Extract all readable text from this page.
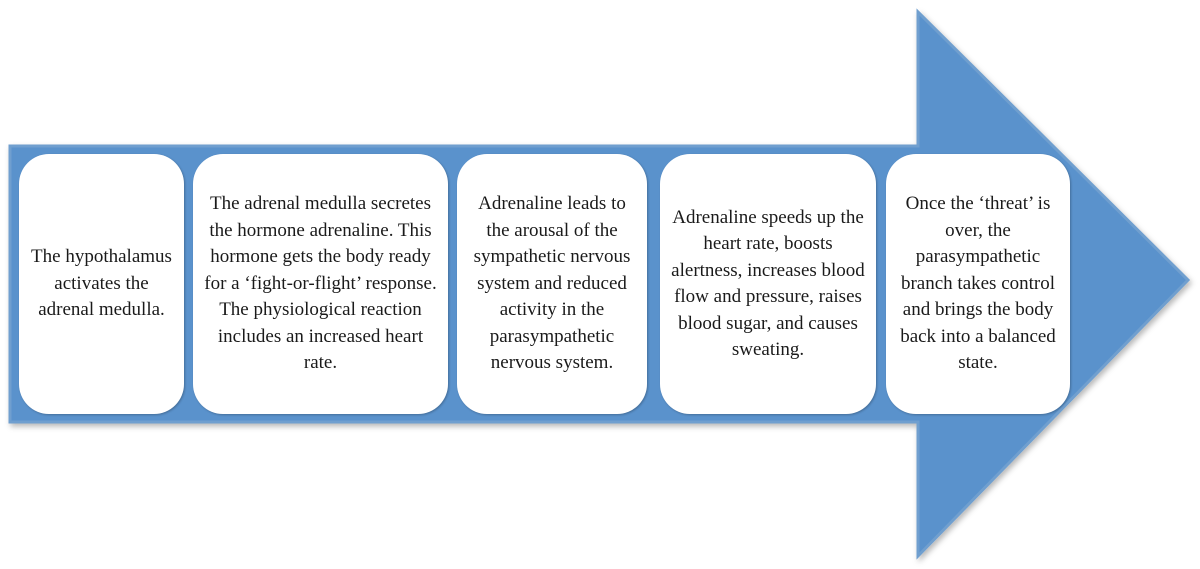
The hypothalamus activates the adrenal medulla.
The adrenal medulla secretes the hormone adrenaline. This hormone gets the body ready for a ‘fight-or-flight’ response. The physiological reaction includes an increased heart rate.
Adrenaline leads to the arousal of the sympathetic nervous system and reduced activity in the parasympathetic nervous system.
Adrenaline speeds up the heart rate, boosts alertness, increases blood flow and pressure, raises blood sugar, and causes sweating.
Once the ‘threat’ is over, the parasympathetic branch takes control and brings the body back into a balanced state.
